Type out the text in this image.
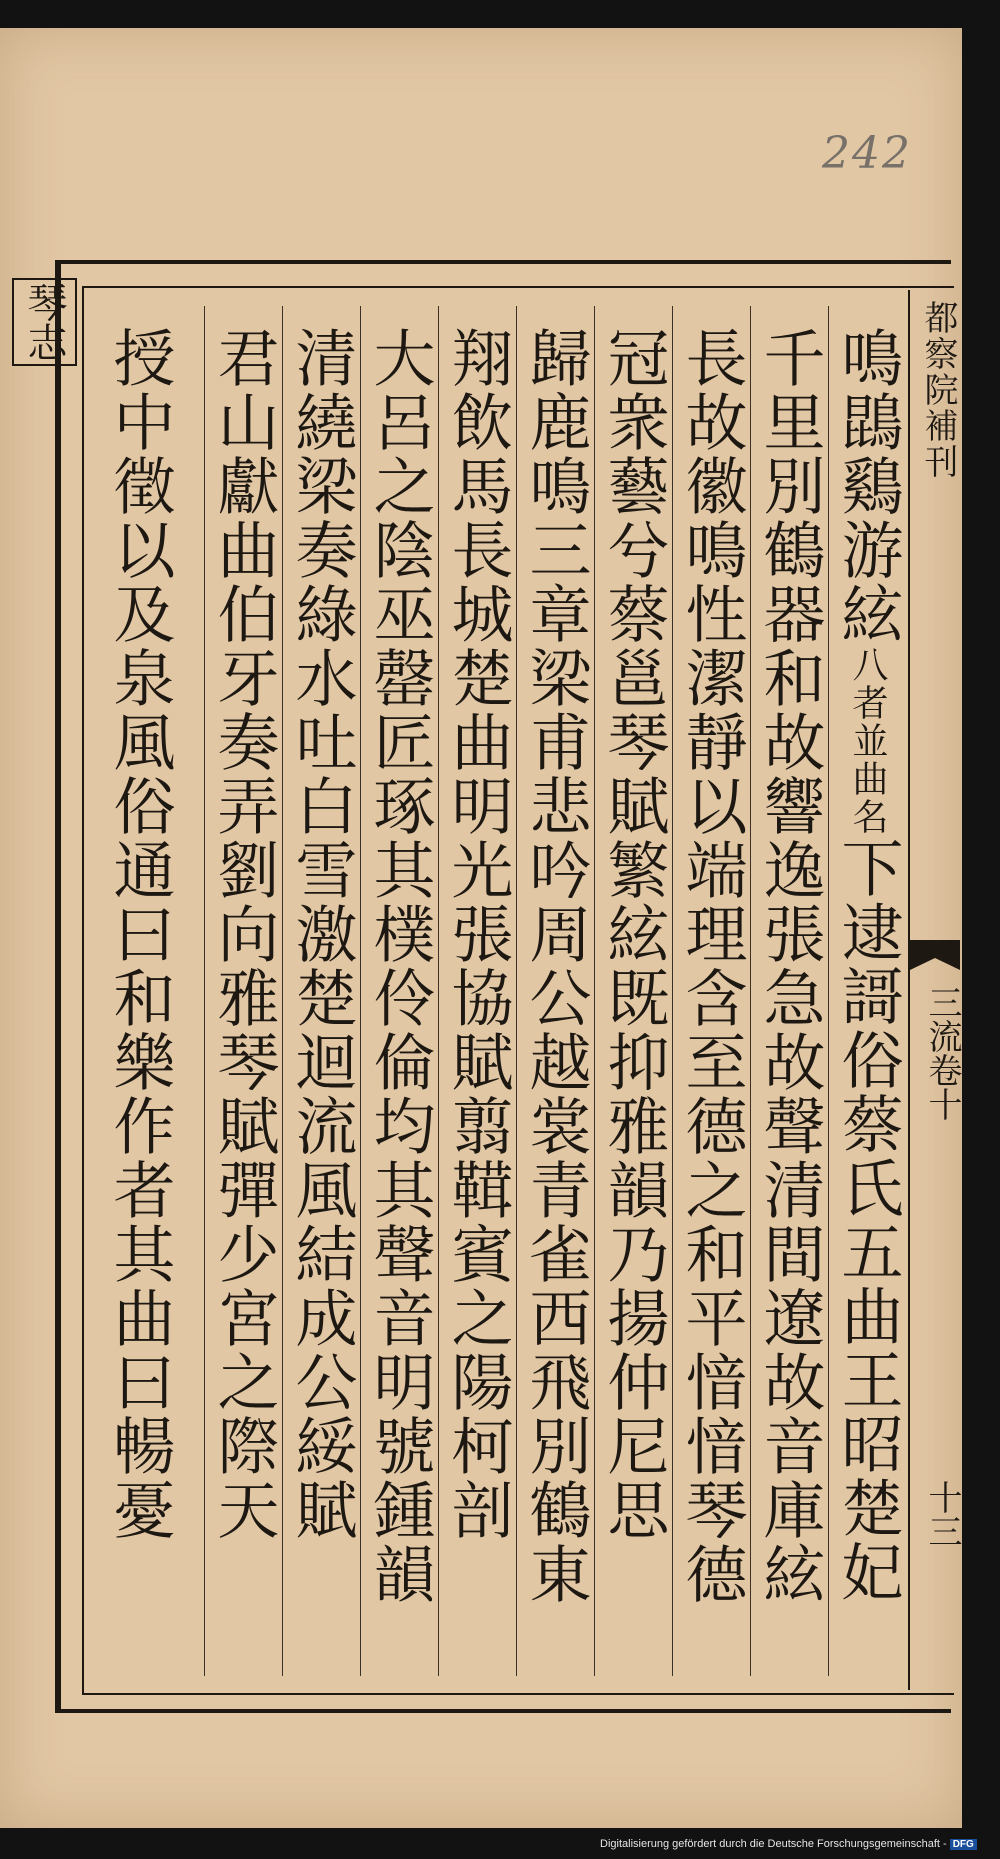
242
琴志	都察院補刊
三流卷十
十三
鳴鵾鷄游絃八者並曲名下逮謌俗蔡氏五曲王昭楚妃
千里別鶴器和故響逸張急故聲清間遼故音庫絃
長故徽鳴性潔靜以端理含至德之和平愔愔琴德
冠衆藝兮蔡邕琴賦繁絃既抑雅韻乃揚仲尼思
歸鹿鳴三章梁甫悲吟周公越裳青雀西飛別鶴東
翔飲馬長城楚曲明光張協賦翦䩸賓之陽柯剖
大呂之陰巫罄匠琢其樸伶倫均其聲音明號鍾韻
清繞梁奏綠水吐白雪激楚迴流風結成公綏賦
君山獻曲伯牙奏弄劉向雅琴賦彈少宮之際天
授中徵以及泉風俗通曰和樂作者其曲曰暢憂
Digitalisierung gefördert durch die Deutsche Forschungsgemeinschaft - DFG
